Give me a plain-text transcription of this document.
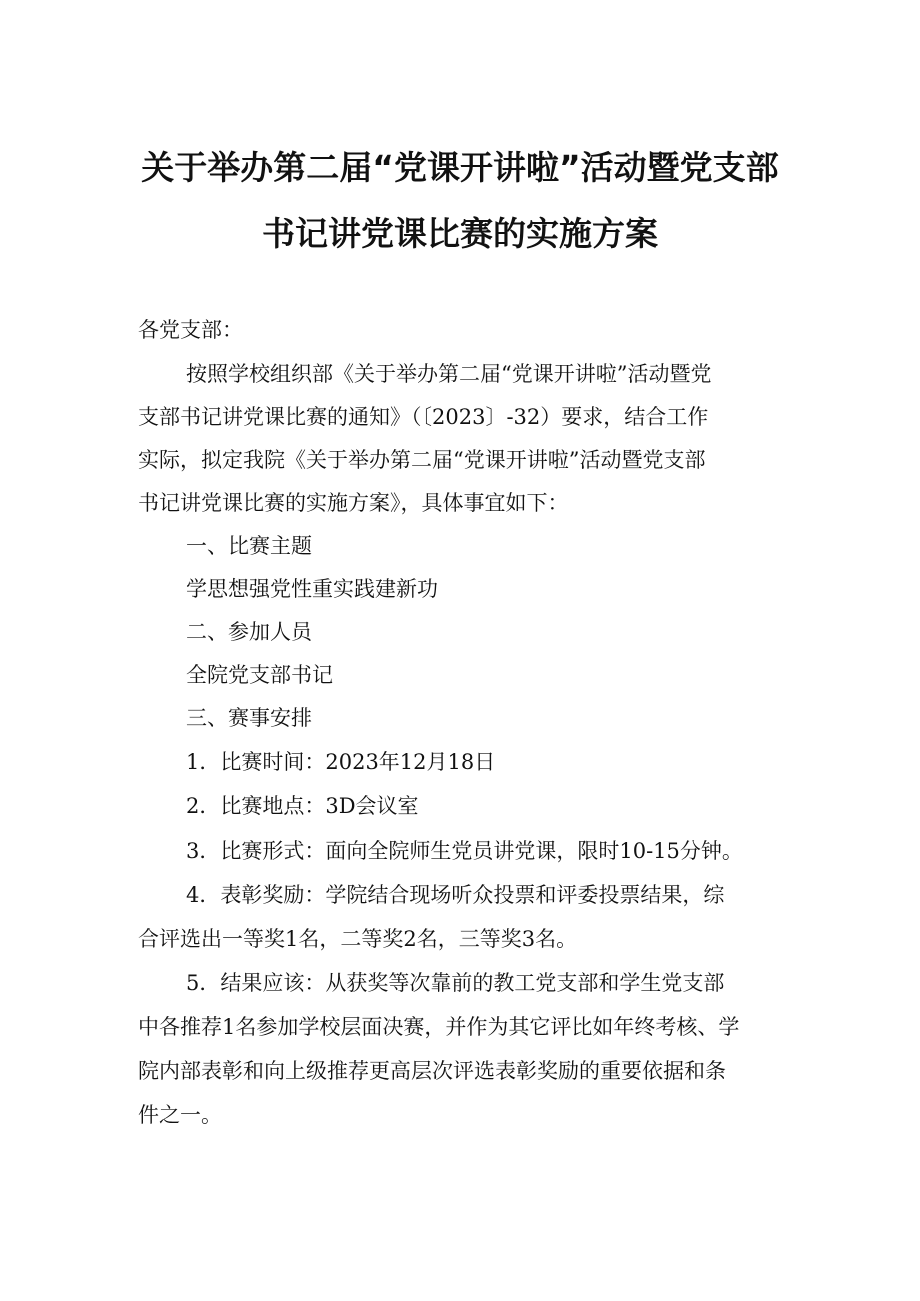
关于举办第二届“党课开讲啦”活动暨党支部
书记讲党课比赛的实施方案
各党支部：
按照学校组织部《关于举办第二届“党课开讲啦”活动暨党
支部书记讲党课比赛的通知》（〔2023〕-32）要求，结合工作
实际，拟定我院《关于举办第二届“党课开讲啦”活动暨党支部
书记讲党课比赛的实施方案》，具体事宜如下：
一、比赛主题
学思想强党性重实践建新功
二、参加人员
全院党支部书记
三、赛事安排
1．比赛时间：2023年12月18日
2．比赛地点：3D会议室
3．比赛形式：面向全院师生党员讲党课，限时10-15分钟。
4．表彰奖励：学院结合现场听众投票和评委投票结果，综
合评选出一等奖1名，二等奖2名，三等奖3名。
5．结果应该：从获奖等次靠前的教工党支部和学生党支部
中各推荐1名参加学校层面决赛，并作为其它评比如年终考核、学
院内部表彰和向上级推荐更高层次评选表彰奖励的重要依据和条
件之一。
